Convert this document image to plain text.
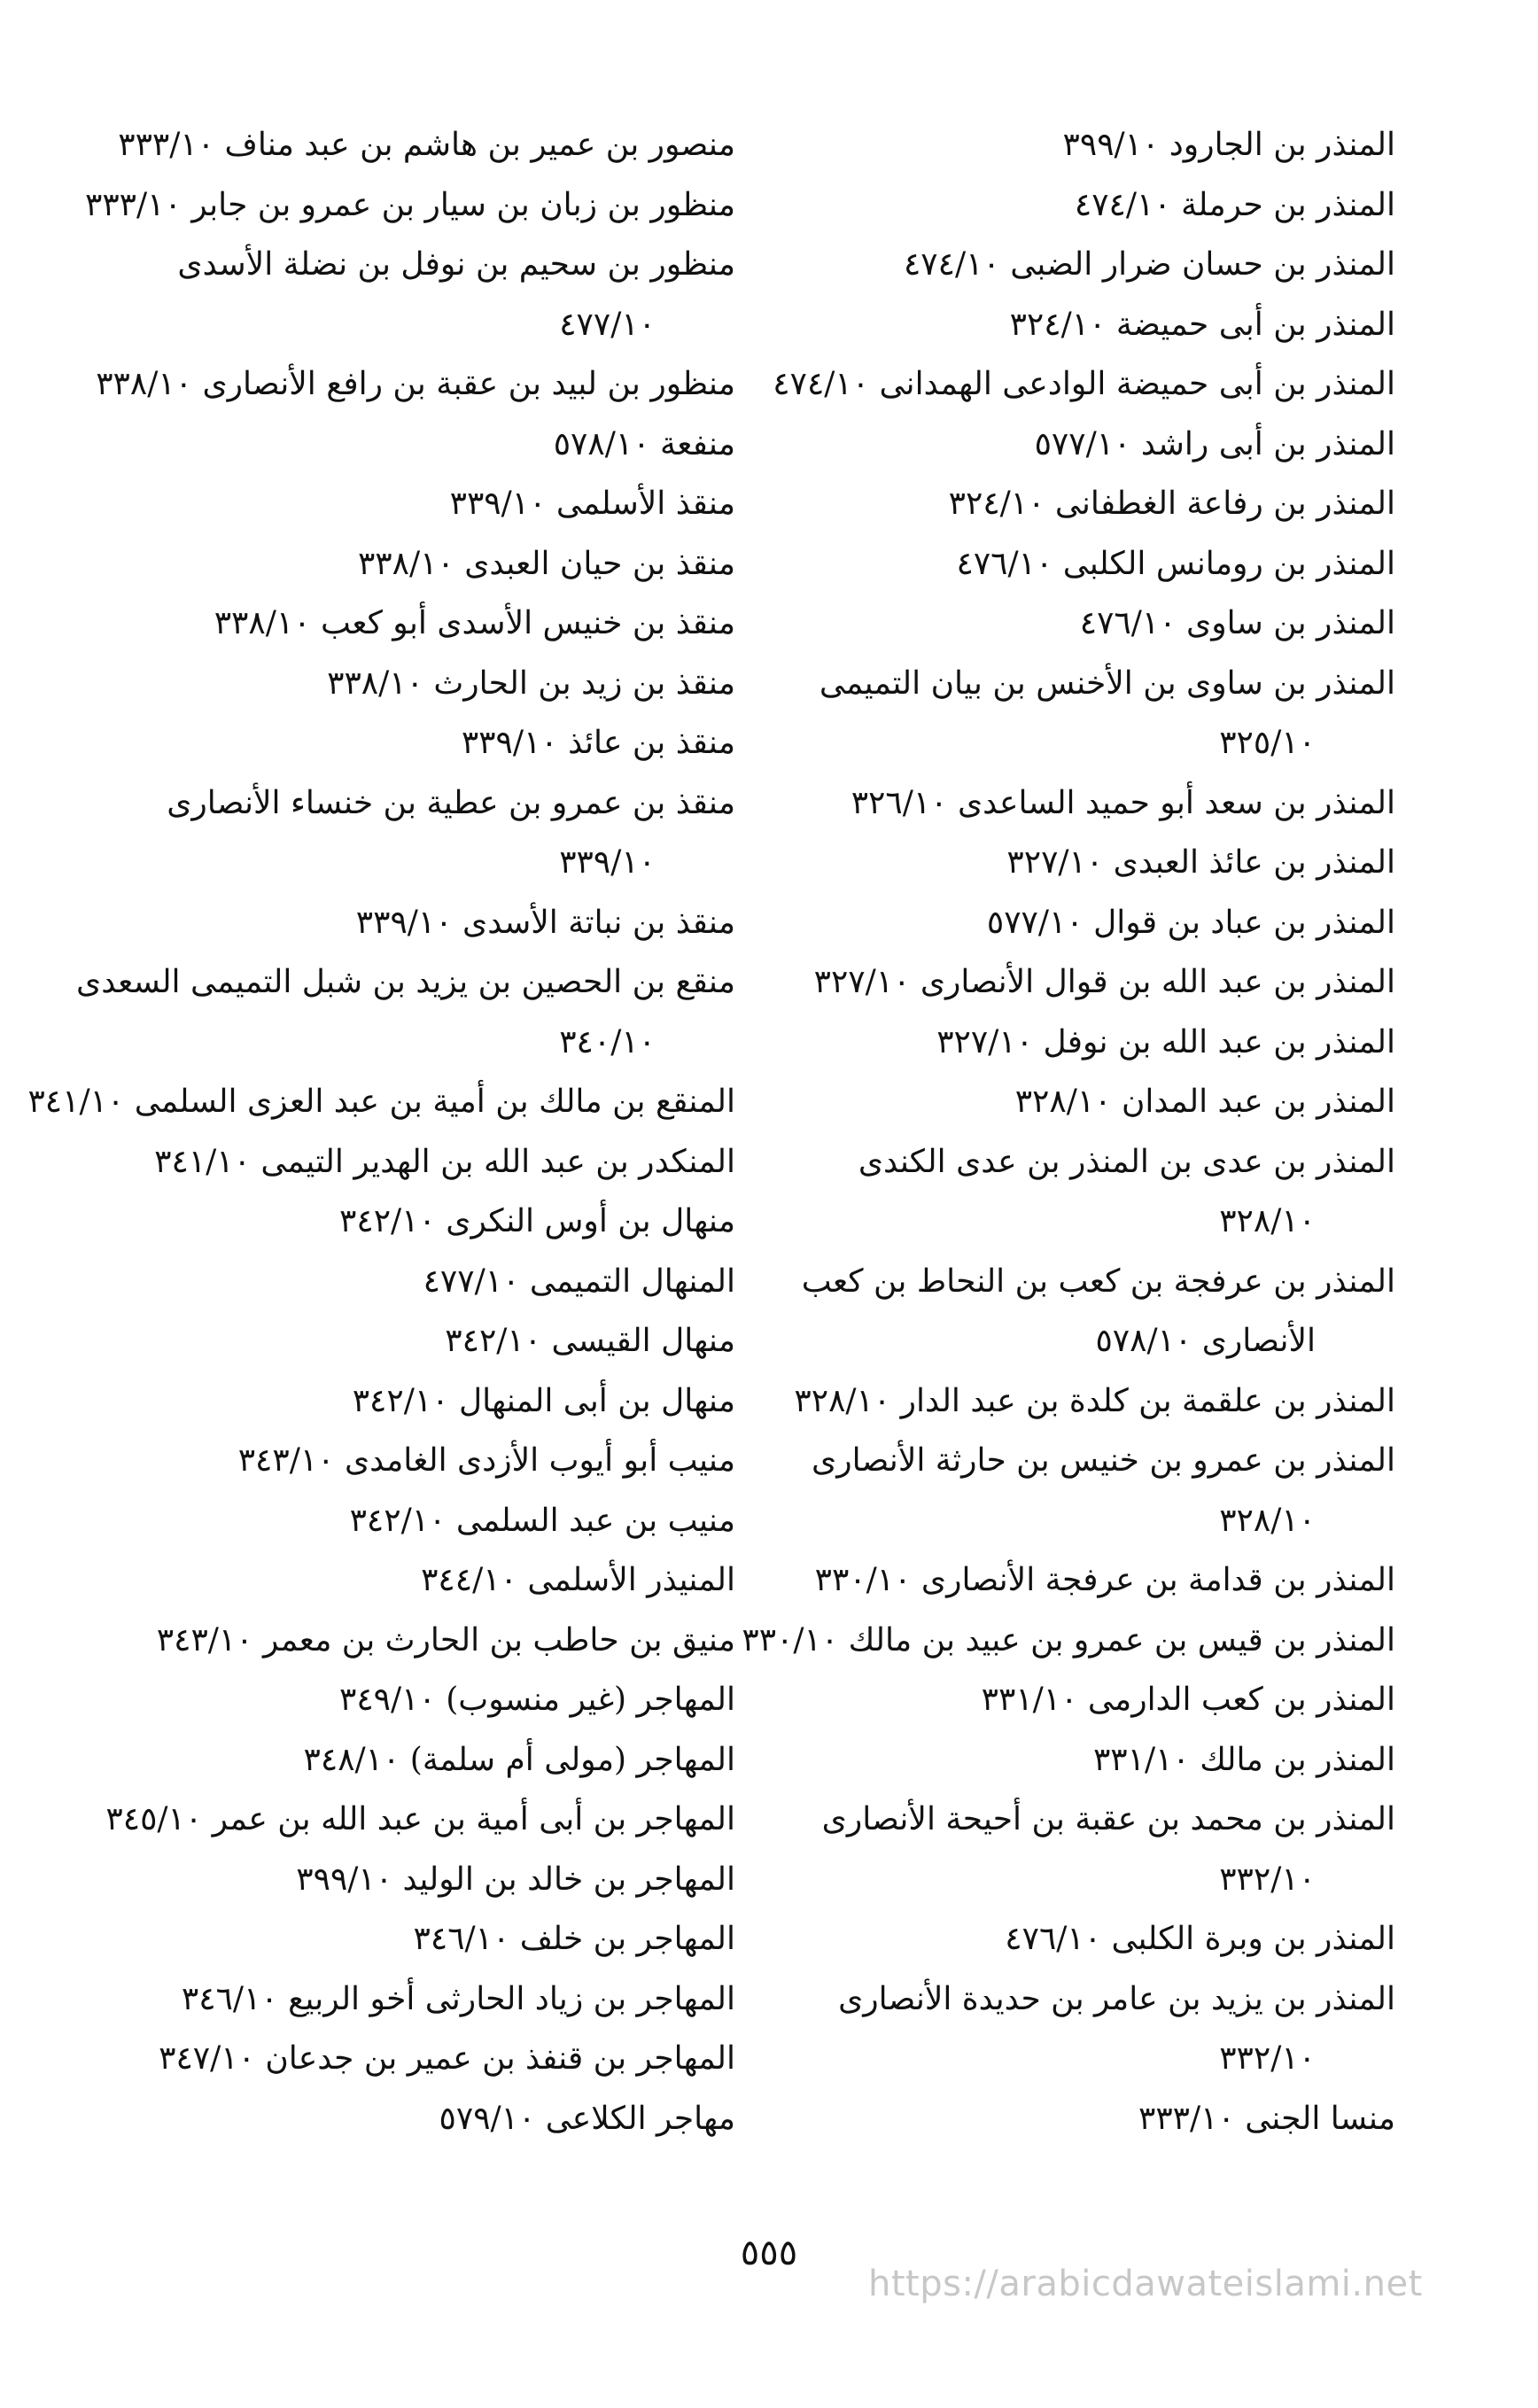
المنذر بن الجارود ٣٩٩/١٠
المنذر بن حرملة ٤٧٤/١٠
المنذر بن حسان ضرار الضبى ٤٧٤/١٠
المنذر بن أبى حميضة ٣٢٤/١٠
المنذر بن أبى حميضة الوادعى الهمدانى ٤٧٤/١٠
المنذر بن أبى راشد ٥٧٧/١٠
المنذر بن رفاعة الغطفانى ٣٢٤/١٠
المنذر بن رومانس الكلبى ٤٧٦/١٠
المنذر بن ساوى ٤٧٦/١٠
المنذر بن ساوى بن الأخنس بن بيان التميمى
٣٢٥/١٠
المنذر بن سعد أبو حميد الساعدى ٣٢٦/١٠
المنذر بن عائذ العبدى ٣٢٧/١٠
المنذر بن عباد بن قوال ٥٧٧/١٠
المنذر بن عبد الله بن قوال الأنصارى ٣٢٧/١٠
المنذر بن عبد الله بن نوفل ٣٢٧/١٠
المنذر بن عبد المدان ٣٢٨/١٠
المنذر بن عدى بن المنذر بن عدى الكندى
٣٢٨/١٠
المنذر بن عرفجة بن كعب بن النحاط بن كعب
الأنصارى ٥٧٨/١٠
المنذر بن علقمة بن كلدة بن عبد الدار ٣٢٨/١٠
المنذر بن عمرو بن خنيس بن حارثة الأنصارى
٣٢٨/١٠
المنذر بن قدامة بن عرفجة الأنصارى ٣٣٠/١٠
المنذر بن قيس بن عمرو بن عبيد بن مالك ٣٣٠/١٠
المنذر بن كعب الدارمى ٣٣١/١٠
المنذر بن مالك ٣٣١/١٠
المنذر بن محمد بن عقبة بن أحيحة الأنصارى
٣٣٢/١٠
المنذر بن وبرة الكلبى ٤٧٦/١٠
المنذر بن يزيد بن عامر بن حديدة الأنصارى
٣٣٢/١٠
منسا الجنى ٣٣٣/١٠
منصور بن عمير بن هاشم بن عبد مناف ٣٣٣/١٠
منظور بن زبان بن سيار بن عمرو بن جابر ٣٣٣/١٠
منظور بن سحيم بن نوفل بن نضلة الأسدى
٤٧٧/١٠
منظور بن لبيد بن عقبة بن رافع الأنصارى ٣٣٨/١٠
منفعة ٥٧٨/١٠
منقذ الأسلمى ٣٣٩/١٠
منقذ بن حيان العبدى ٣٣٨/١٠
منقذ بن خنيس الأسدى أبو كعب ٣٣٨/١٠
منقذ بن زيد بن الحارث ٣٣٨/١٠
منقذ بن عائذ ٣٣٩/١٠
منقذ بن عمرو بن عطية بن خنساء الأنصارى
٣٣٩/١٠
منقذ بن نباتة الأسدى ٣٣٩/١٠
منقع بن الحصين بن يزيد بن شبل التميمى السعدى
٣٤٠/١٠
المنقع بن مالك بن أمية بن عبد العزى السلمى ٣٤١/١٠
المنكدر بن عبد الله بن الهدير التيمى ٣٤١/١٠
منهال بن أوس النكرى ٣٤٢/١٠
المنهال التميمى ٤٧٧/١٠
منهال القيسى ٣٤٢/١٠
منهال بن أبى المنهال ٣٤٢/١٠
منيب أبو أيوب الأزدى الغامدى ٣٤٣/١٠
منيب بن عبد السلمى ٣٤٢/١٠
المنيذر الأسلمى ٣٤٤/١٠
منيق بن حاطب بن الحارث بن معمر ٣٤٣/١٠
المهاجر (غير منسوب) ٣٤٩/١٠
المهاجر (مولى أم سلمة) ٣٤٨/١٠
المهاجر بن أبى أمية بن عبد الله بن عمر ٣٤٥/١٠
المهاجر بن خالد بن الوليد ٣٩٩/١٠
المهاجر بن خلف ٣٤٦/١٠
المهاجر بن زياد الحارثى أخو الربيع ٣٤٦/١٠
المهاجر بن قنفذ بن عمير بن جدعان ٣٤٧/١٠
مهاجر الكلاعى ٥٧٩/١٠
٥٥٥
https://arabicdawateislami.net
